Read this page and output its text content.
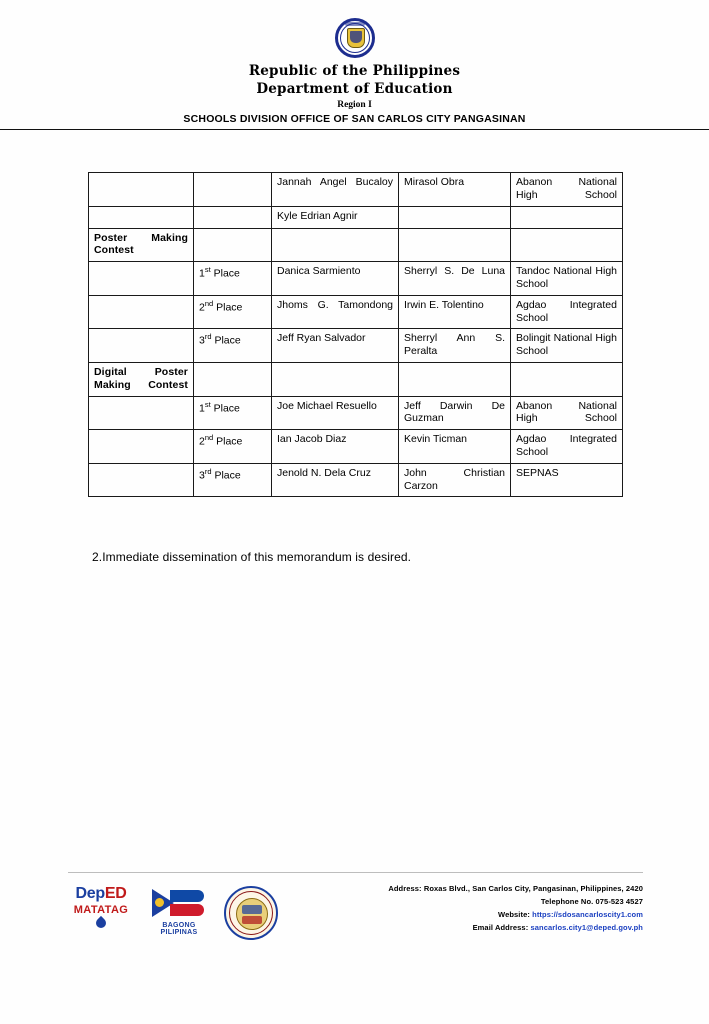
Republic of the Philippines
Department of Education
Region I
SCHOOLS DIVISION OFFICE OF SAN CARLOS CITY PANGASINAN
		Jannah Angel Bucaloy	Mirasol Obra	Abanon National High School
		Kyle Edrian Agnir		
Poster Making Contest				
	1st Place	Danica Sarmiento	Sherryl S. De Luna	Tandoc National High School
	2nd Place	Jhoms G. Tamondong	Irwin E. Tolentino	Agdao Integrated School
	3rd Place	Jeff Ryan Salvador	Sherryl Ann S. Peralta	Bolingit National High School
Digital Poster Making Contest				
	1st Place	Joe Michael Resuello	Jeff Darwin De Guzman	Abanon National High School
	2nd Place	Ian Jacob Diaz	Kevin Ticman	Agdao Integrated School
	3rd Place	Jenold N. Dela Cruz	John Christian Carzon	SEPNAS
2.Immediate dissemination of this memorandum is desired.
DepED
MATATAG
BAGONG PILIPINAS
Address: Roxas Blvd., San Carlos City, Pangasinan, Philippines, 2420
Telephone No. 075-523 4527
Website: https://sdosancarloscity1.com
Email Address: sancarlos.city1@deped.gov.ph
